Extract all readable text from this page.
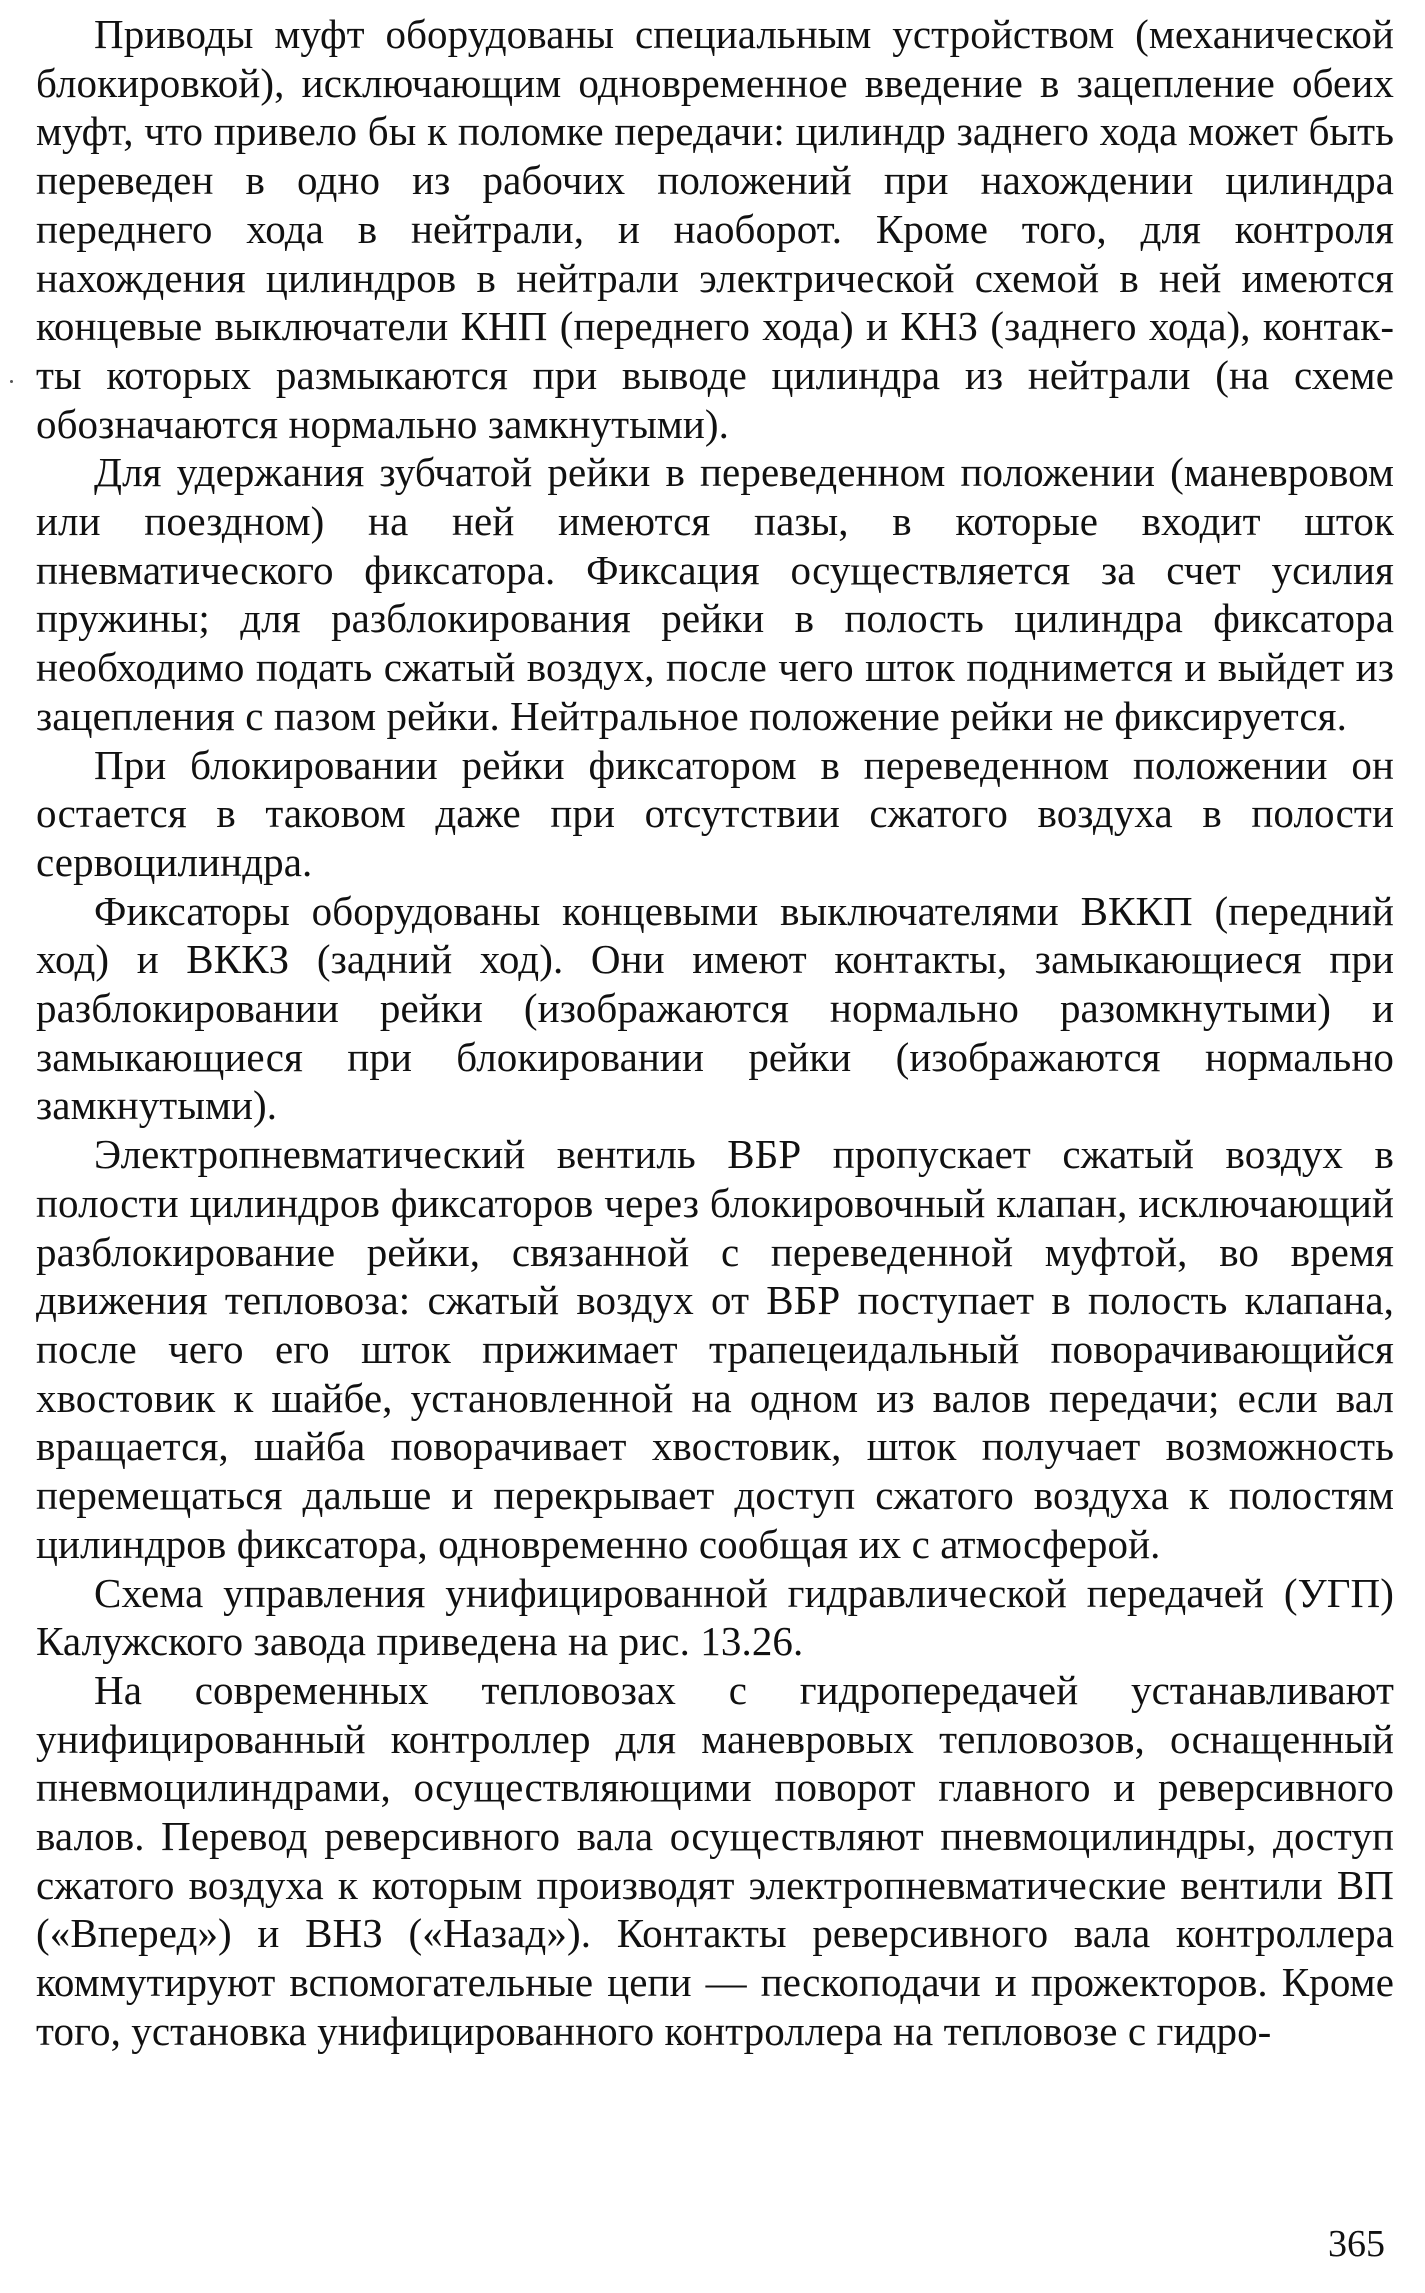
Приводы муфт оборудованы специальным устройством (механической блокировкой), исключающим одновременное введение в зацепление обеих муфт, что привело бы к поломке передачи: цилиндр заднего хода может быть переведен в одно из рабочих положений при нахождении цилиндра переднего хода в нейтрали, и наоборот. Кроме того, для контроля нахождения цилиндров в нейтрали электрической схемой в ней имеются концевые выключатели КНП (переднего хода) и КНЗ (заднего хода), контакты которых размыкаются при выводе цилиндра из нейтрали (на схеме обозначаются нормально замкнутыми).

Для удержания зубчатой рейки в переведенном положении (маневровом или поездном) на ней имеются пазы, в которые входит шток пневматического фиксатора. Фиксация осуществляется за счет усилия пружины; для разблокирования рейки в полость цилиндра фиксатора необходимо подать сжатый воздух, после чего шток поднимется и выйдет из зацепления с пазом рейки. Нейтральное положение рейки не фиксируется.

При блокировании рейки фиксатором в переведенном положении он остается в таковом даже при отсутствии сжатого воздуха в полости сервоцилиндра.

Фиксаторы оборудованы концевыми выключателями ВККП (передний ход) и ВККЗ (задний ход). Они имеют контакты, замыкающиеся при разблокировании рейки (изображаются нормально разомкнутыми) и замыкающиеся при блокировании рейки (изображаются нормально замкнутыми).

Электропневматический вентиль ВБР пропускает сжатый воздух в полости цилиндров фиксаторов через блокировочный клапан, исключающий разблокирование рейки, связанной с переведенной муфтой, во время движения тепловоза: сжатый воздух от ВБР поступает в полость клапана, после чего его шток прижимает трапецеидальный поворачивающийся хвостовик к шайбе, установленной на одном из валов передачи; если вал вращается, шайба поворачивает хвостовик, шток получает возможность перемещаться дальше и перекрывает доступ сжатого воздуха к полостям цилиндров фиксатора, одновременно сообщая их с атмосферой.

Схема управления унифицированной гидравлической передачей (УГП) Калужского завода приведена на рис. 13.26.

На современных тепловозах с гидропередачей устанавливают унифицированный контроллер для маневровых тепловозов, оснащенный пневмоцилиндрами, осуществляющими поворот главного и реверсивного валов. Перевод реверсивного вала осуществляют пневмоцилиндры, доступ сжатого воздуха к которым производят электропневматические вентили ВП («Вперед») и ВНЗ («Назад»). Контакты реверсивного вала контроллера коммутируют вспомогательные цепи — пескоподачи и прожекторов. Кроме того, установка унифицированного контроллера на тепловозе с гидро-

365
